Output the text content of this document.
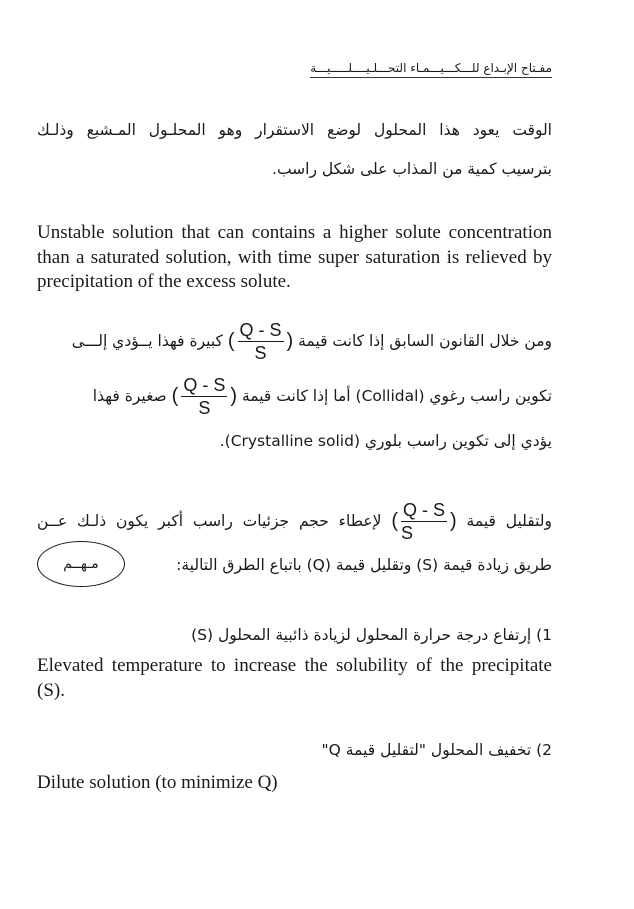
مفـتاح الإبـداع للـــكـــيـــمـاء التحـــلـيــــلـــــيـــة
الوقت يعود هذا المحلول لوضع الاستقرار وهو المحلـول المـشبع وذلـك
بترسيب كمية من المذاب على شكل راسب.
Unstable solution that can contains a higher solute concentration than a saturated solution, with time super saturation is relieved by precipitation of the excess solute.
ومن خلال القانون السابق إذا كانت قيمة (
$\frac{Q - S}{S}$
) كبيرة فهذا يــؤدي إلـــى
تكوين راسب رغوي (Collidal) أما إذا كانت قيمة (
$\frac{Q - S}{S}$
) صغيرة فهذا
يؤدي إلى تكوين راسب بلوري (Crystalline solid).
ولتقليل قيمة (
$\frac{Q - S}{S}$
) لإعطاء حجم جزئيات راسب أكبر يكون ذلـك عــن
طريق زيادة قيمة (S) وتقليل قيمة (Q) باتباع الطرق التالية:
مـهــم
1) إرتفاع درجة حرارة المحلول لزيادة ذائبية المحلول (S)
Elevated temperature to increase the solubility of the precipitate (S).
2) تخفيف المحلول "لتقليل قيمة Q"
Dilute solution (to minimize Q)
